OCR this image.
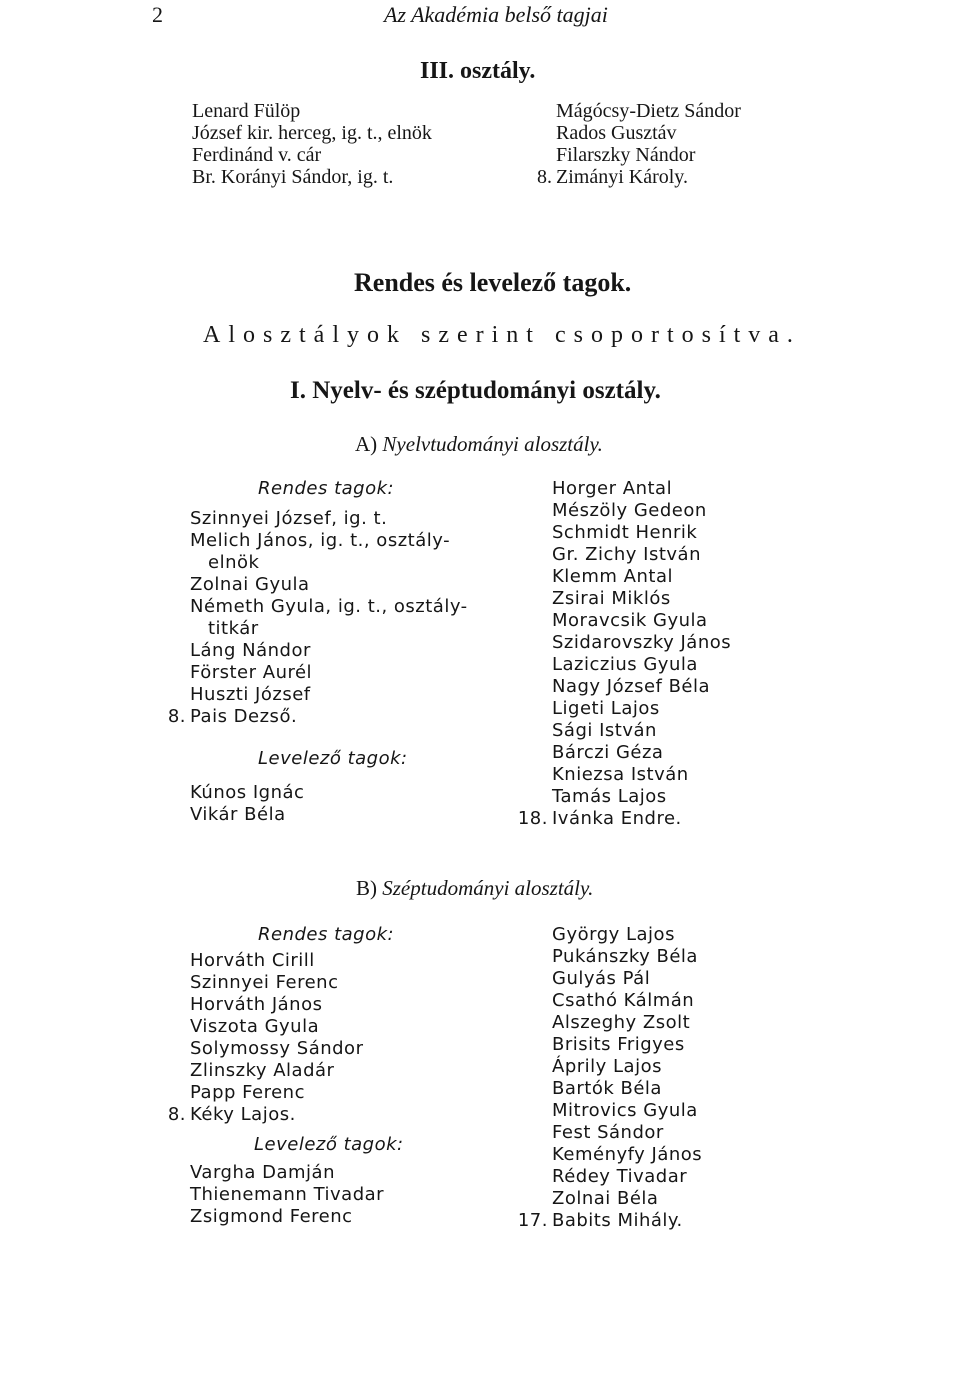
2	Az Akadémia belső tagjai
III. osztály.
Lenard Fülöp
József kir. herceg, ig. t., elnök
Ferdinánd v. cár
Br. Korányi Sándor, ig. t.
Mágócsy-Dietz Sándor
Rados Gusztáv
Filarszky Nándor
8. Zimányi Károly.
Rendes és levelező tagok.
Alosztályok szerint csoportosítva.
I. Nyelv- és széptudományi osztály.
A) Nyelvtudományi alosztály.
Rendes tagok:
Szinnyei József, ig. t.
Melich János, ig. t., osztály-
elnök
Zolnai Gyula
Németh Gyula, ig. t., osztály-
titkár
Láng Nándor
Förster Aurél
Huszti József
8. Pais Dezső.
Levelező tagok:
Kúnos Ignác
Vikár Béla
Horger Antal
Mészöly Gedeon
Schmidt Henrik
Gr. Zichy István
Klemm Antal
Zsirai Miklós
Moravcsik Gyula
Szidarovszky János
Laziczius Gyula
Nagy József Béla
Ligeti Lajos
Sági István
Bárczi Géza
Kniezsa István
Tamás Lajos
18. Ivánka Endre.
B) Széptudományi alosztály.
Rendes tagok:
Horváth Cirill
Szinnyei Ferenc
Horváth János
Viszota Gyula
Solymossy Sándor
Zlinszky Aladár
Papp Ferenc
8. Kéky Lajos.
Levelező tagok:
Vargha Damján
Thienemann Tivadar
Zsigmond Ferenc
György Lajos
Pukánszky Béla
Gulyás Pál
Csathó Kálmán
Alszeghy Zsolt
Brisits Frigyes
Áprily Lajos
Bartók Béla
Mitrovics Gyula
Fest Sándor
Keményfy János
Rédey Tivadar
Zolnai Béla
17. Babits Mihály.
